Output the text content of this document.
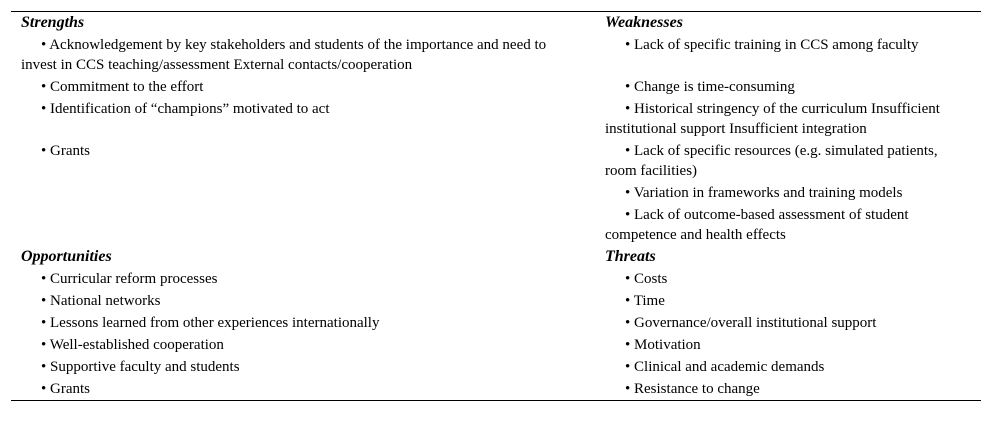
Strengths	Weaknesses
• Acknowledgement by key stakeholders and students of the importance and need to invest in CCS teaching/assessment External contacts/cooperation	• Lack of specific training in CCS among faculty
• Commitment to the effort	• Change is time-consuming
• Identification of “champions” motivated to act	• Historical stringency of the curriculum Insufficient institutional support Insufficient integration
• Grants	• Lack of specific resources (e.g. simulated patients, room facilities)
	• Variation in frameworks and training models
	• Lack of outcome-based assessment of student competence and health effects
Opportunities	Threats
• Curricular reform processes	• Costs
• National networks	• Time
• Lessons learned from other experiences internationally	• Governance/overall institutional support
• Well-established cooperation	• Motivation
• Supportive faculty and students	• Clinical and academic demands
• Grants	• Resistance to change
